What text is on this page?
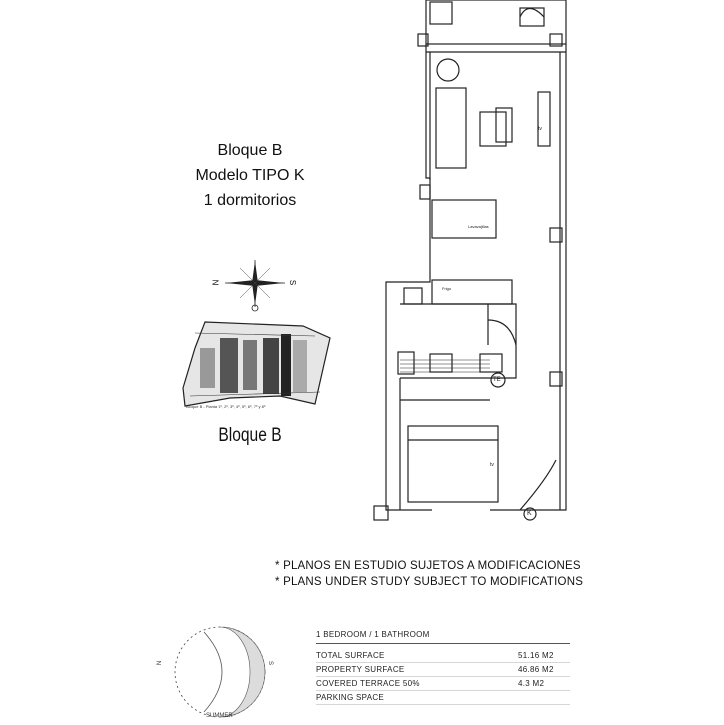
Bloque B
Modelo TIPO K
1 dormitorios
N	S
Bloque B - Planta 1º, 2º, 3º, 4º, 5º, 6º, 7º y 8º
Bloque B
tv
tv
Lavavajillas
Frigo
TE
K
* PLANOS EN ESTUDIO SUJETOS A MODIFICACIONES
* PLANS UNDER STUDY SUBJECT TO MODIFICATIONS
N	S
SUMMER
1 BEDROOM / 1 BATHROOM
TOTAL SURFACE	51.16 M2
PROPERTY SURFACE	46.86 M2
COVERED TERRACE 50%	4.3 M2
PARKING SPACE
